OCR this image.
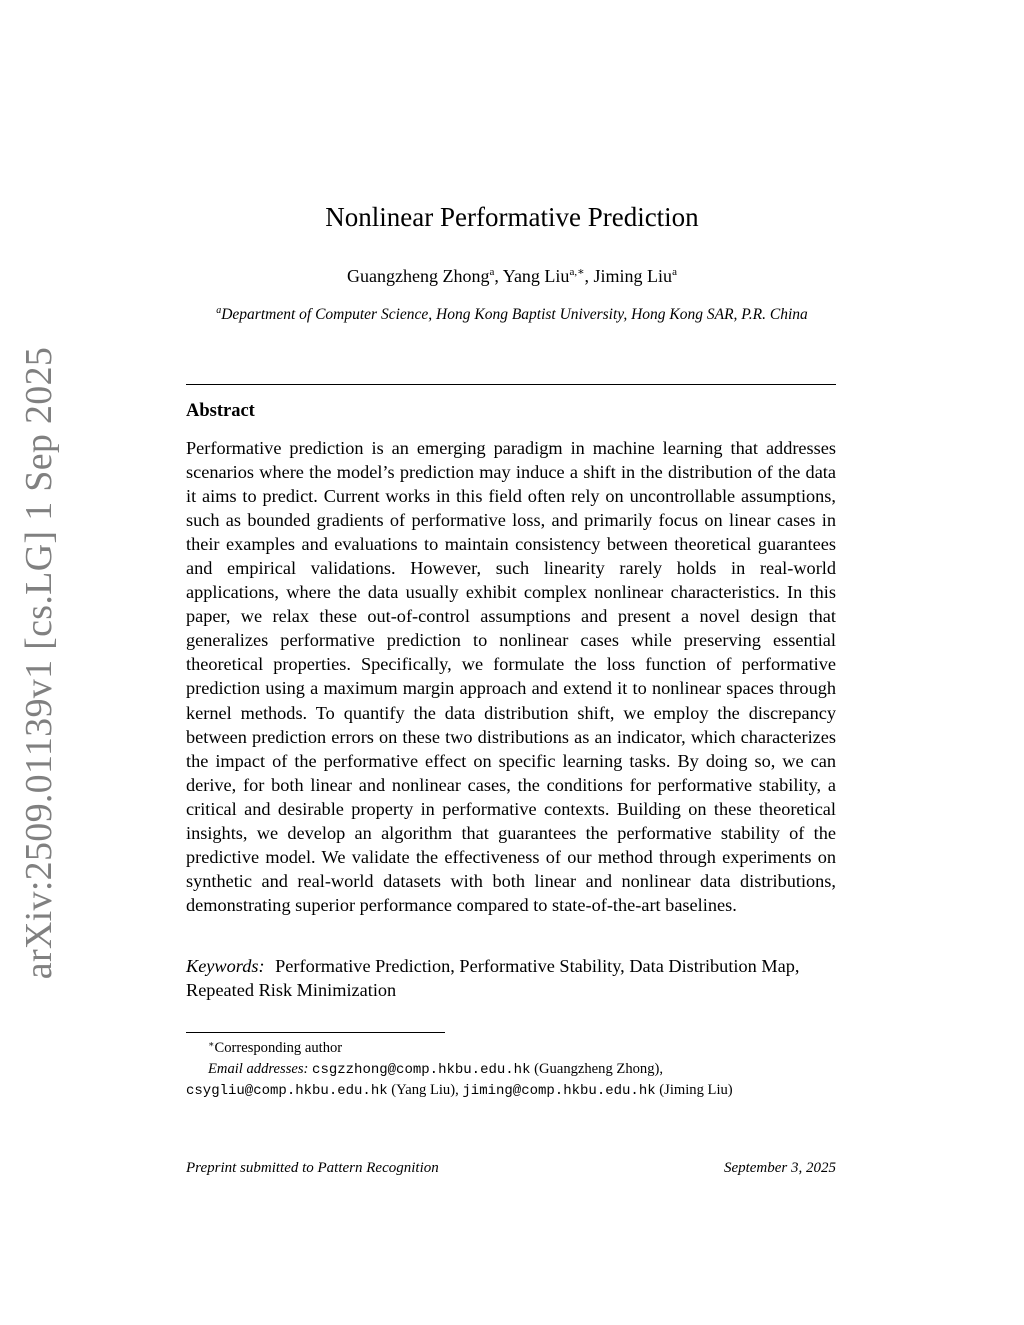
arXiv:2509.01139v1 [cs.LG] 1 Sep 2025
Nonlinear Performative Prediction
Guangzheng Zhong$^a$, Yang Liu$^{a,∗}$, Jiming Liu$^a$
$^a$Department of Computer Science, Hong Kong Baptist University, Hong Kong SAR, P.R. China
Abstract
Performative prediction is an emerging paradigm in machine learning that addresses scenarios where the model’s prediction may induce a shift in the distribution of the data it aims to predict. Current works in this field often rely on uncontrollable assumptions, such as bounded gradients of performative loss, and primarily focus on linear cases in their examples and evaluations to maintain consistency between theoretical guarantees and empirical validations. However, such linearity rarely holds in real-world applications, where the data usually exhibit complex nonlinear characteristics. In this paper, we relax these out-of-control assumptions and present a novel design that generalizes performative prediction to nonlinear cases while preserving essential theoretical properties. Specifically, we formulate the loss function of performative prediction using a maximum margin approach and extend it to nonlinear spaces through kernel methods. To quantify the data distribution shift, we employ the discrepancy between prediction errors on these two distributions as an indicator, which characterizes the impact of the performative effect on specific learning tasks. By doing so, we can derive, for both linear and nonlinear cases, the conditions for performative stability, a critical and desirable property in performative contexts. Building on these theoretical insights, we develop an algorithm that guarantees the performative stability of the predictive model. We validate the effectiveness of our method through experiments on synthetic and real-world datasets with both linear and nonlinear data distributions, demonstrating superior performance compared to state-of-the-art baselines.
Keywords: Performative Prediction, Performative Stability, Data Distribution Map, Repeated Risk Minimization
∗Corresponding author
Email addresses: csgzzhong@comp.hkbu.edu.hk (Guangzheng Zhong),
csygliu@comp.hkbu.edu.hk (Yang Liu), jiming@comp.hkbu.edu.hk (Jiming Liu)
Preprint submitted to Pattern Recognition	September 3, 2025
